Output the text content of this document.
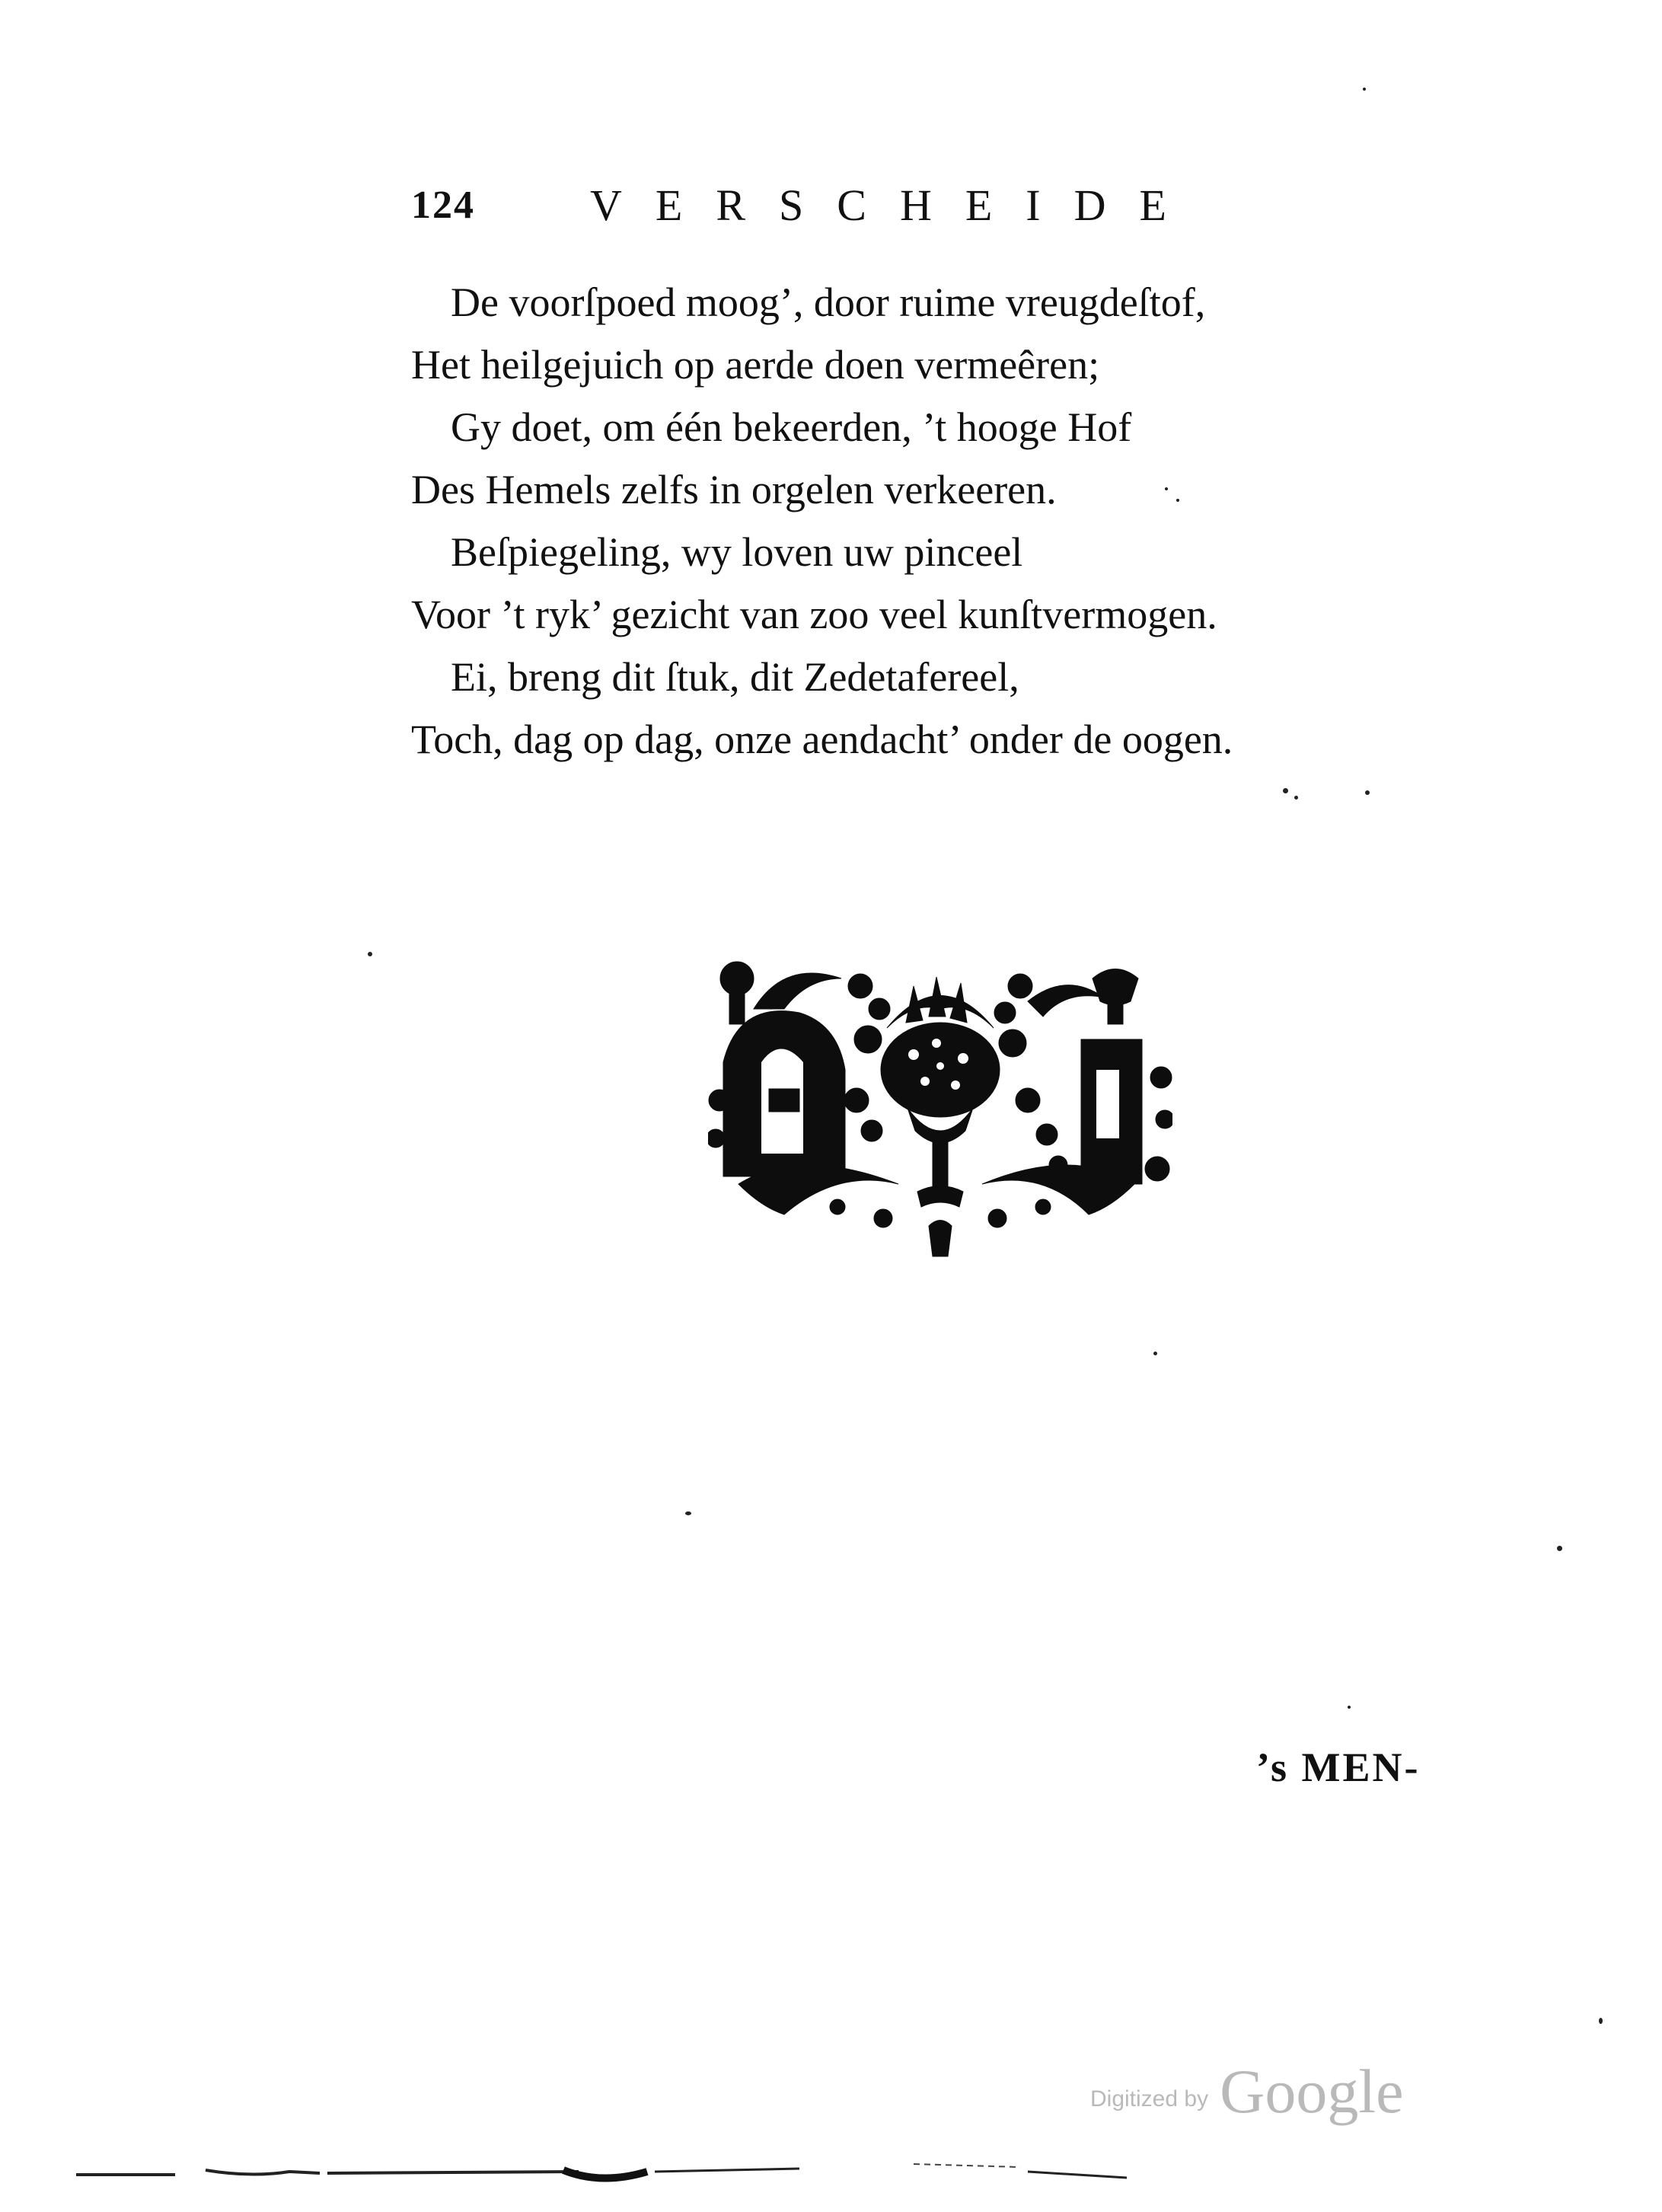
124	VERSCHEIDE
De voorſpoed moog’, door ruime vreugdeſtof,
Het heilgejuich op aerde doen vermeêren;
Gy doet, om één bekeerden, ’t hooge Hof
Des Hemels zelfs in orgelen verkeeren.
Beſpiegeling, wy loven uw pinceel
Voor ’t ryk’ gezicht van zoo veel kunſtvermogen.
Ei, breng dit ſtuk, dit Zedetafereel,
Toch, dag op dag, onze aendacht’ onder de oogen.
’s MEN-
Digitized by Google
